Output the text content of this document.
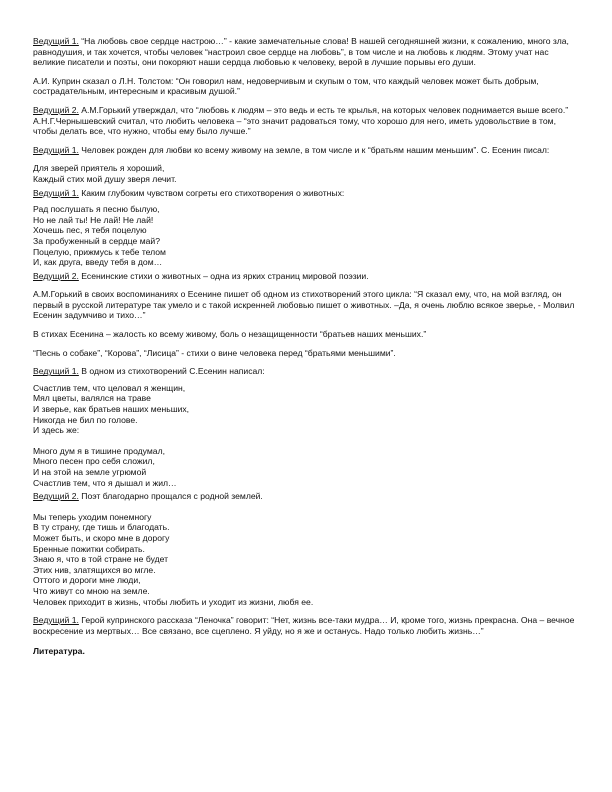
Ведущий 1. “На любовь свое сердце настрою…” - какие замечательные слова! В нашей сегодняшней жизни, к сожалению, много зла, равнодушия, и так хочется, чтобы человек “настроил свое сердце на любовь”, в том числе и на любовь к людям. Этому учат нас великие писатели и поэты, они покоряют наши сердца любовью к человеку, верой в лучшие порывы его души.

А.И. Куприн сказал о Л.Н. Толстом: “Он говорил нам, недоверчивым и скупым о том, что каждый человек может быть добрым, сострадательным, интересным и красивым душой.”

Ведущий 2. А.М.Горький утверждал, что “любовь к людям – это ведь и есть те крылья, на которых человек поднимается выше всего.” А.Н.Г.Чернышевский считал, что любить человека – “это значит радоваться тому, что хорошо для него, иметь удовольствие в том, чтобы делать все, что нужно, чтобы ему было лучше.”

Ведущий 1. Человек рожден для любви ко всему живому на земле, в том числе и к “братьям нашим меньшим”. С. Есенин писал:

Для зверей приятель я хороший,
Каждый стих мой душу зверя лечит.

Ведущий 1. Каким глубоким чувством согреты его стихотворения о животных:

Рад послушать я песню былую,
Но не лай ты! Не лай! Не лай!
Хочешь пес, я тебя поцелую
За пробуженный в сердце май?
Поцелую, прижмусь к тебе телом
И, как друга, введу тебя в дом…

Ведущий 2. Есенинские стихи о животных – одна из ярких страниц мировой поэзии.

А.М.Горький в своих воспоминаниях о Есенине пишет об одном из стихотворений этого цикла: “Я сказал ему, что, на мой взгляд, он первый в русской литературе так умело и с такой искренней любовью пишет о животных. –Да, я очень люблю всякое зверье, - Молвил Есенин задумчиво и тихо…”

В стихах Есенина – жалость ко всему живому, боль о незащищенности “братьев наших меньших.”

“Песнь о собаке”, “Корова”, “Лисица” - стихи о вине человека перед “братьями меньшими”.

Ведущий 1. В одном из стихотворений С.Есенин написал:

Счастлив тем, что целовал я женщин,
Мял цветы, валялся на траве
И зверье, как братьев наших меньших,
Никогда не бил по голове.
И здесь же:
Много дум я в тишине продумал,
Много песен про себя сложил,
И на этой на земле угрюмой
Счастлив тем, что я дышал и жил…

Ведущий 2. Поэт благодарно прощался с родной землей.

Мы теперь уходим понемногу
В ту страну, где тишь и благодать.
Может быть, и скоро мне в дорогу
Бренные пожитки собирать.
Знаю я, что в той стране не будет
Этих нив, златящихся во мгле.
Оттого и дороги мне люди,
Что живут со мною на земле.

Человек приходит в жизнь, чтобы любить и уходит из жизни, любя ее.

Ведущий 1. Герой купринского рассказа “Леночка” говорит: “Нет, жизнь все-таки мудра… И, кроме того, жизнь прекрасна. Она – вечное воскресение из мертвых… Все связано, все сцеплено. Я уйду, но я же и останусь. Надо только любить жизнь…”

Литература.
